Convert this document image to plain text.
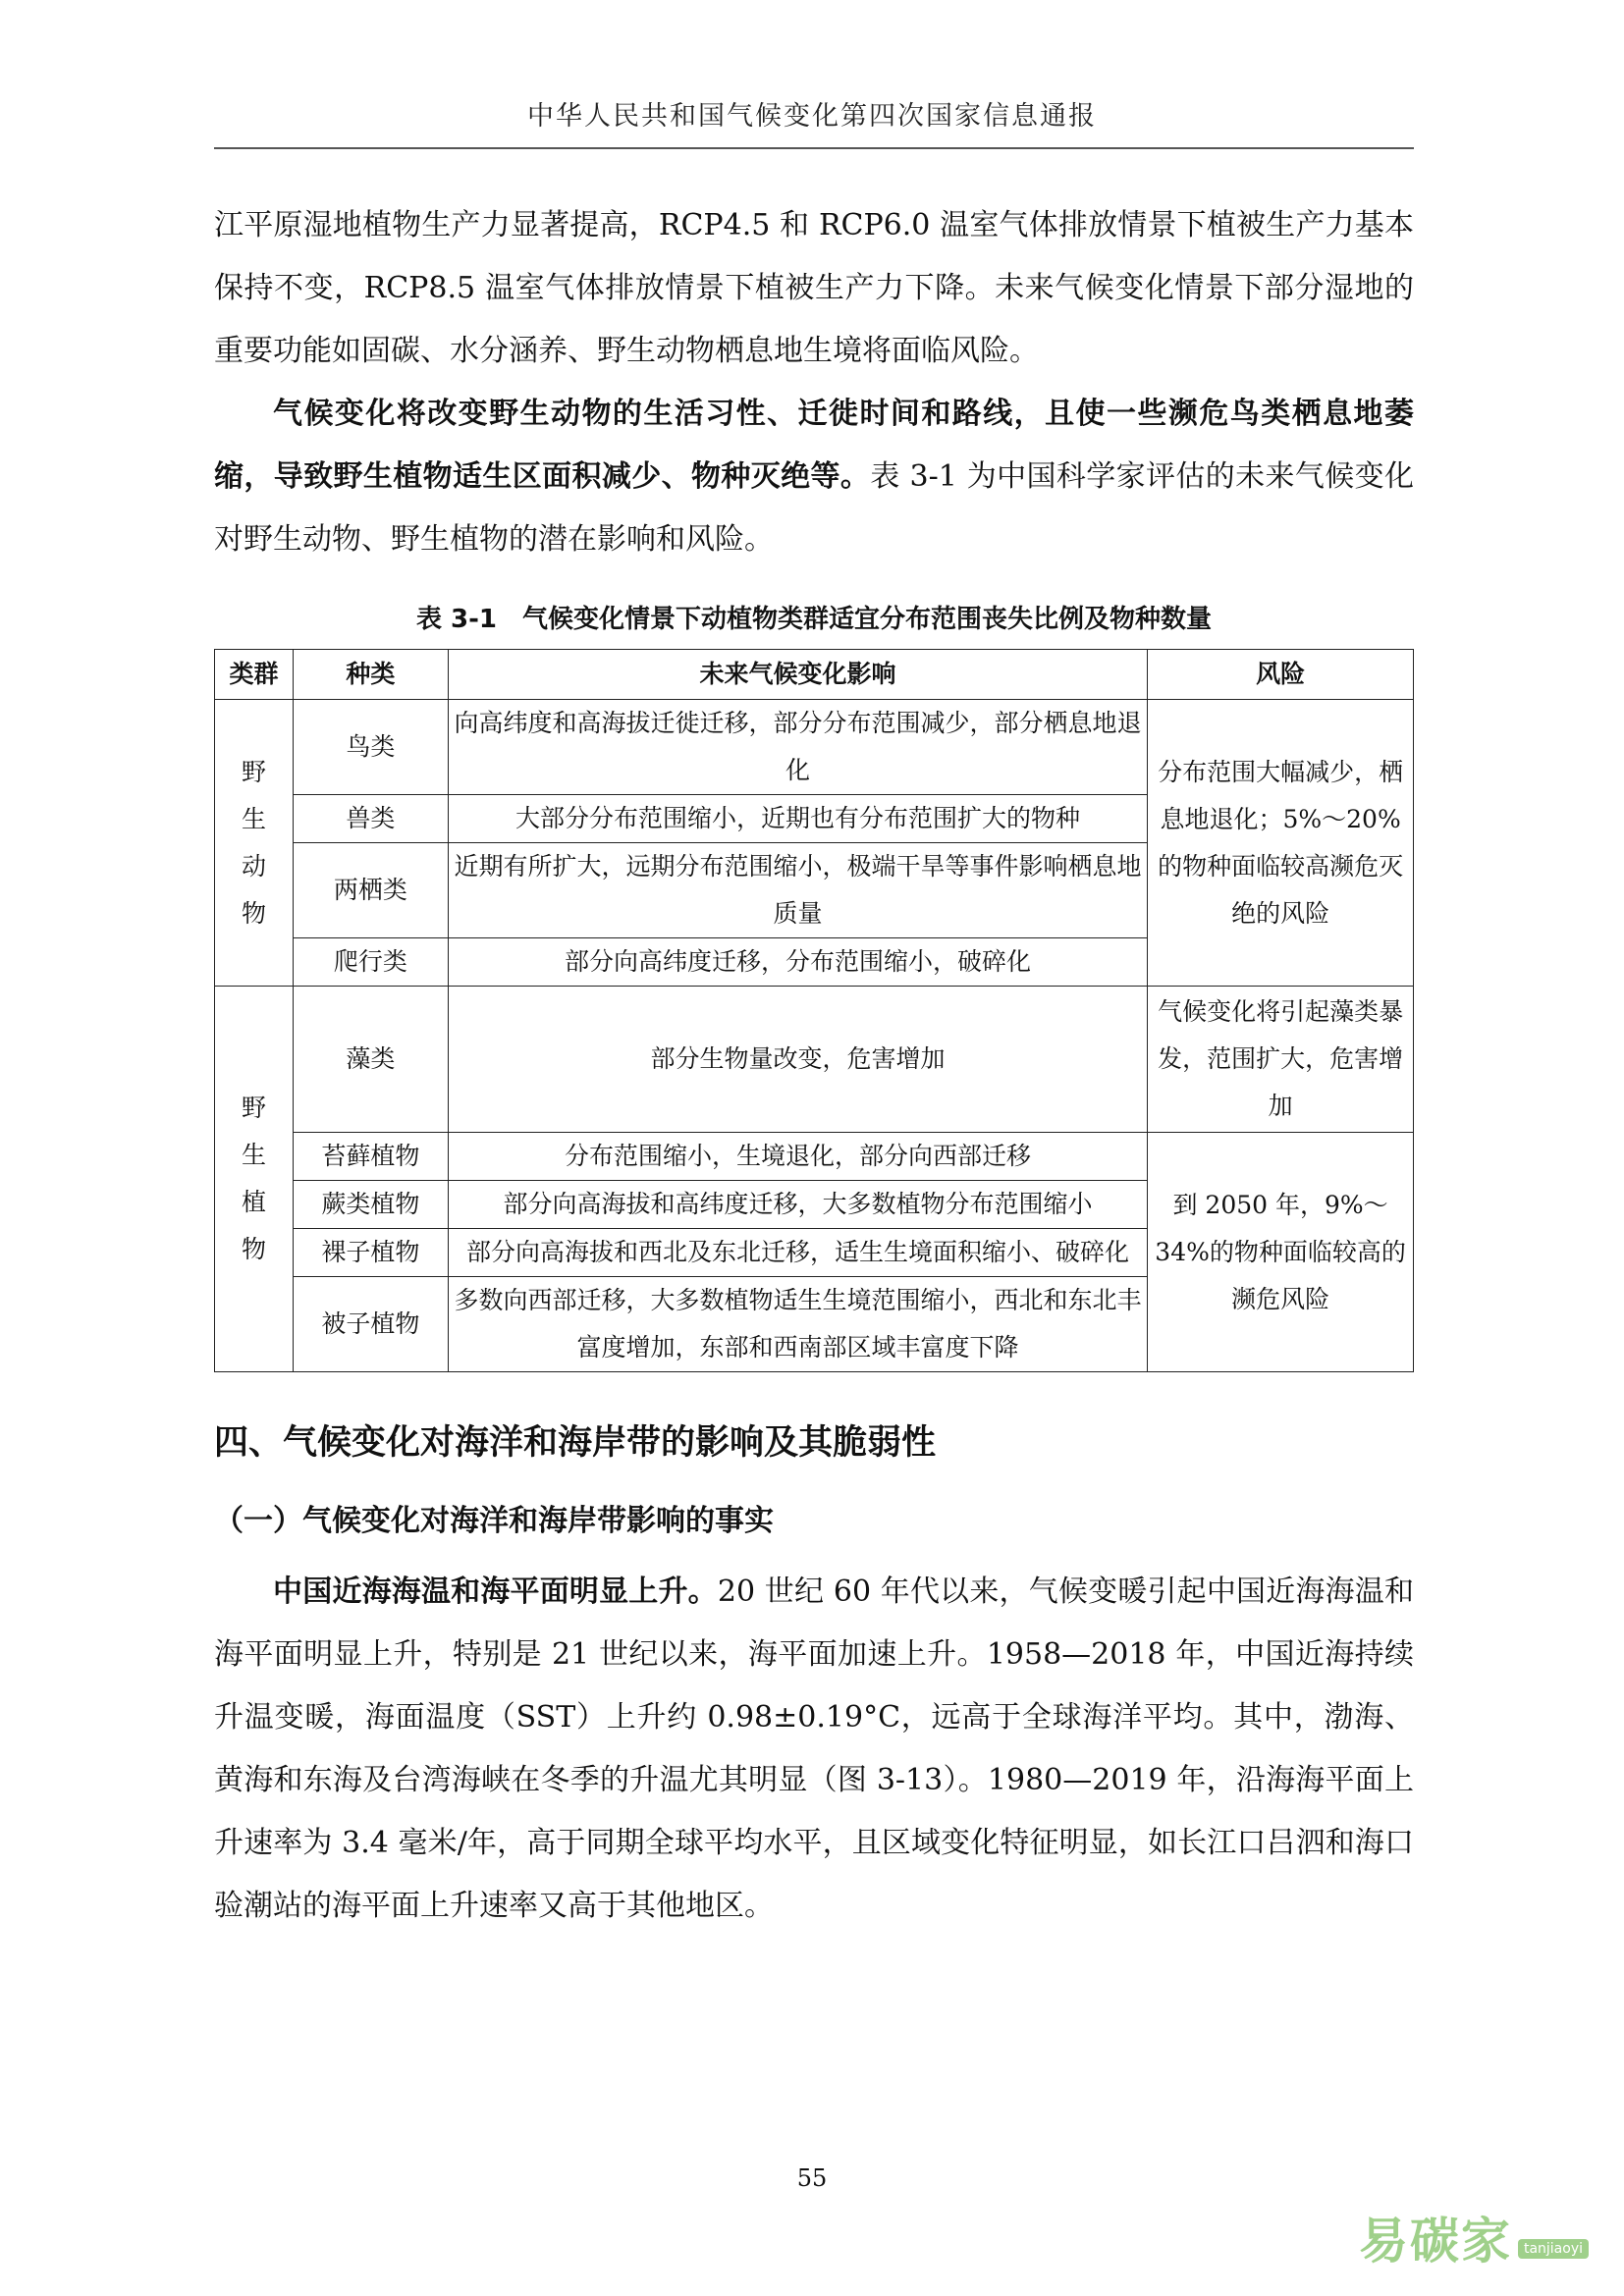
中华人民共和国气候变化第四次国家信息通报

江平原湿地植物生产力显著提高，RCP4.5 和 RCP6.0 温室气体排放情景下植被生产力基本保持不变，RCP8.5 温室气体排放情景下植被生产力下降。未来气候变化情景下部分湿地的重要功能如固碳、水分涵养、野生动物栖息地生境将面临风险。

气候变化将改变野生动物的生活习性、迁徙时间和路线，且使一些濒危鸟类栖息地萎缩，导致野生植物适生区面积减少、物种灭绝等。表 3-1 为中国科学家评估的未来气候变化对野生动物、野生植物的潜在影响和风险。

表 3-1　气候变化情景下动植物类群适宜分布范围丧失比例及物种数量
类群	种类	未来气候变化影响	风险

野
生
动
物	鸟类	向高纬度和高海拔迁徙迁移，部分分布范围减少，部分栖息地退化	分布范围大幅减少，栖息地退化；5%～20%的物种面临较高濒危灭绝的风险
	兽类	大部分分布范围缩小，近期也有分布范围扩大的物种	
	两栖类	近期有所扩大，远期分布范围缩小，极端干旱等事件影响栖息地质量	
	爬行类	部分向高纬度迁移，分布范围缩小，破碎化	

野
生
植
物	藻类	部分生物量改变，危害增加	气候变化将引起藻类暴发，范围扩大，危害增加
	苔藓植物	分布范围缩小，生境退化，部分向西部迁移	到 2050 年，9%～34%的物种面临较高的濒危风险
	蕨类植物	部分向高海拔和高纬度迁移，大多数植物分布范围缩小	
	裸子植物	部分向高海拔和西北及东北迁移，适生生境面积缩小、破碎化	
	被子植物	多数向西部迁移，大多数植物适生生境范围缩小，西北和东北丰富度增加，东部和西南部区域丰富度下降	
四、气候变化对海洋和海岸带的影响及其脆弱性
（一）气候变化对海洋和海岸带影响的事实

中国近海海温和海平面明显上升。20 世纪 60 年代以来，气候变暖引起中国近海海温和海平面明显上升，特别是 21 世纪以来，海平面加速上升。1958—2018 年，中国近海持续升温变暖，海面温度（SST）上升约 0.98±0.19°C，远高于全球海洋平均。其中，渤海、黄海和东海及台湾海峡在冬季的升温尤其明显（图 3-13）。1980—2019 年，沿海海平面上升速率为 3.4 毫米/年，高于同期全球平均水平，且区域变化特征明显，如长江口吕泗和海口验潮站的海平面上升速率又高于其他地区。

55
易碳家 tanjiaoyi
